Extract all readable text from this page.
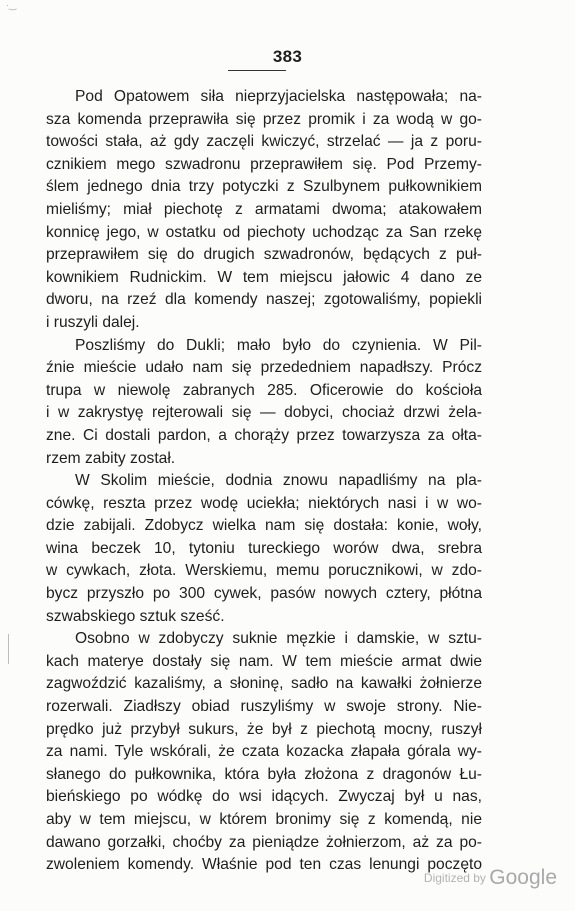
·‿
383
Pod Opatowem siła nieprzyjacielska następowała; na-
sza komenda przeprawiła się przez promik i za wodą w go-
towości stała, aż gdy zaczęli kwiczyć, strzelać — ja z poru-
cznikiem mego szwadronu przeprawiłem się. Pod Przemy-
ślem jednego dnia trzy potyczki z Szulbynem pułkownikiem
mieliśmy; miał piechotę z armatami dwoma; atakowałem
konnicę jego, w ostatku od piechoty uchodząc za San rzekę
przeprawiłem się do drugich szwadronów, będących z puł-
kownikiem Rudnickim. W tem miejscu jałowic 4 dano ze
dworu, na rzeź dla komendy naszej; zgotowaliśmy, popiekli
i ruszyli dalej.
Poszliśmy do Dukli; mało było do czynienia. W Pil-
źnie mieście udało nam się przededniem napadłszy. Prócz
trupa w niewolę zabranych 285. Oficerowie do kościoła
i w zakrystyę rejterowali się — dobyci, chociaż drzwi żela-
zne. Ci dostali pardon, a chorąży przez towarzysza za ołta-
rzem zabity został.
W Skolim mieście, dodnia znowu napadliśmy na pla-
cówkę, reszta przez wodę uciekła; niektórych nasi i w wo-
dzie zabijali. Zdobycz wielka nam się dostała: konie, woły,
wina beczek 10, tytoniu tureckiego worów dwa, srebra
w cywkach, złota. Werskiemu, memu porucznikowi, w zdo-
bycz przyszło po 300 cywek, pasów nowych cztery, płótna
szwabskiego sztuk sześć.
Osobno w zdobyczy suknie męzkie i damskie, w sztu-
kach materye dostały się nam. W tem mieście armat dwie
zagwoździć kazaliśmy, a słoninę, sadło na kawałki żołnierze
rozerwali. Ziadłszy obiad ruszyliśmy w swoje strony. Nie-
prędko już przybył sukurs, że był z piechotą mocny, ruszył
za nami. Tyle wskórali, że czata kozacka złapała górala wy-
słanego do pułkownika, która była złożona z dragonów Łu-
bieńskiego po wódkę do wsi idących. Zwyczaj był u nas,
aby w tem miejscu, w którem bronimy się z komendą, nie
dawano gorzałki, choćby za pieniądze żołnierzom, aż za po-
zwoleniem komendy. Właśnie pod ten czas lenungi poczęto
Digitized by Google
